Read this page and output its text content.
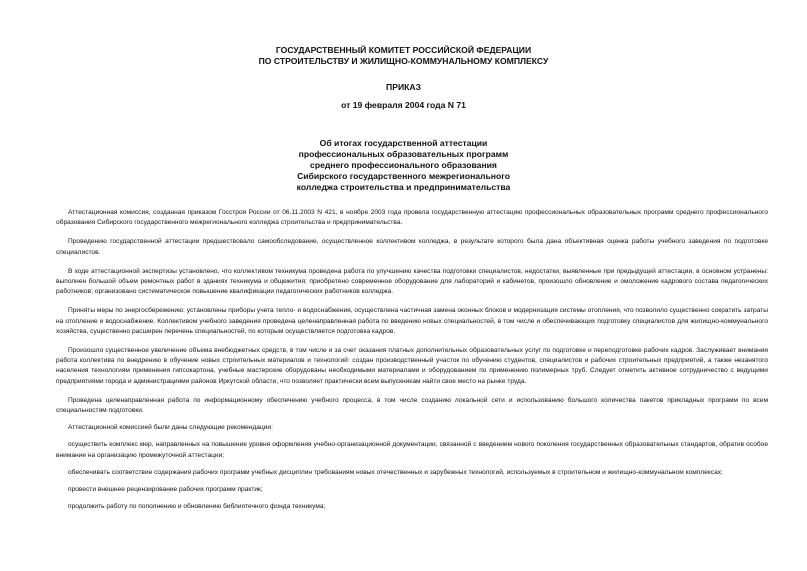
ГОСУДАРСТВЕННЫЙ КОМИТЕТ РОССИЙСКОЙ ФЕДЕРАЦИИ
ПО СТРОИТЕЛЬСТВУ И ЖИЛИЩНО-КОММУНАЛЬНОМУ КОМПЛЕКСУ
ПРИКАЗ
от 19 февраля 2004 года N 71
Об итогах государственной аттестации
профессиональных образовательных программ
среднего профессионального образования
Сибирского государственного межрегионального
колледжа строительства и предпринимательства

Аттестационная комиссия, созданная приказом Госстроя России от 06.11.2003 N 421, в ноябре 2003 года провела государственную аттестацию профессиональных образовательных программ среднего профессионального образования Сибирского государственного межрегионального колледжа строительства и предпринимательства.

Проведению государственной аттестации предшествовало самообследование, осуществленное коллективом колледжа, в результате которого была дана объективная оценка работы учебного заведения по подготовке специалистов.

В ходе аттестационной экспертизы установлено, что коллективом техникума проведена работа по улучшению качества подготовки специалистов, недостатки, выявленные при предыдущей аттестации, в основном устранены: выполнен большой объем ремонтных работ в зданиях техникума и общежития; приобретено современное оборудование для лабораторий и кабинетов, произошло обновление и омоложение кадрового состава педагогических работников; организовано систематическое повышение квалификации педагогических работников колледжа.

Приняты меры по энергосбережению: установлены приборы учета тепло- и водоснабжения, осуществлена частичная замена оконных блоков и модернизация системы отопления, что позволило существенно сократить затраты на отопление и водоснабжение. Коллективом учебного заведения проведена целенаправленная работа по введению новых специальностей, в том числе и обеспечивающих подготовку специалистов для жилищно-коммунального хозяйства, существенно расширен перечень специальностей, по которым осуществляется подготовка кадров.

Произошло существенное увеличение объема внебюджетных средств, в том числе и за счет оказания платных дополнительных образовательных услуг по подготовке и переподготовке рабочих кадров. Заслуживает внимания работа коллектива по внедрению в обучение новых строительных материалов и технологий: создан производственный участок по обучению студентов, специалистов и рабочих строительных предприятий, а также незанятого населения технологиям применения гипсокартона, учебные мастерские оборудованы необходимыми материалами и оборудованием по применению полимерных труб. Следует отметить активное сотрудничество с ведущими предприятиями города и администрациями районов Иркутской области, что позволяет практически всем выпускникам найти свое место на рынке труда.

Проведена целенаправленная работа по информационному обеспечению учебного процесса, в том числе созданию локальной сети и использованию большого количества пакетов прикладных программ по всем специальностям подготовки.

Аттестационной комиссией были даны следующие рекомендации:

осуществить комплекс мер, направленных на повышение уровня оформления учебно-организационной документации, связанной с введением нового поколения государственных образовательных стандартов, обратив особое внимание на организацию промежуточной аттестации;

обеспечивать соответствие содержания рабочих программ учебных дисциплин требованиям новых отечественных и зарубежных технологий, используемых в строительном и жилищно-коммунальном комплексах;

провести внешнее рецензирование рабочих программ практик;

продолжить работу по пополнению и обновлению библиотечного фонда техникума;
